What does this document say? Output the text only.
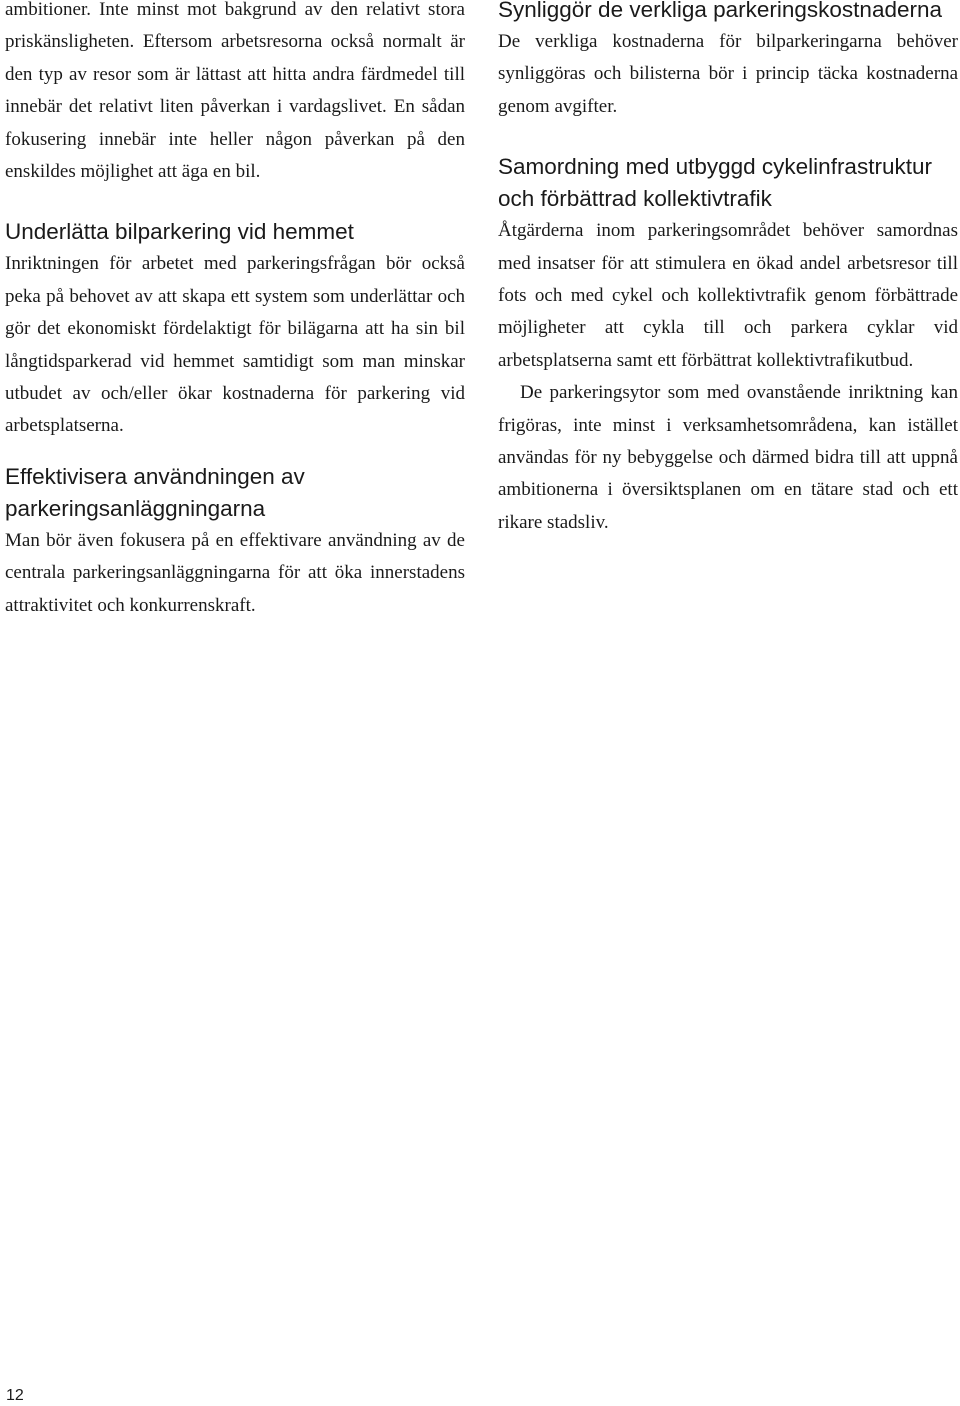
ambitioner. Inte minst mot bakgrund av den relativt stora priskänsligheten. Eftersom arbetsresorna också normalt är den typ av resor som är lättast att hitta andra färdmedel till innebär det relativt liten påverkan i vardagslivet. En sådan fokusering innebär inte heller någon påverkan på den enskildes möjlighet att äga en bil.

Underlätta bilparkering vid hemmet

Inriktningen för arbetet med parkeringsfrågan bör också peka på behovet av att skapa ett system som underlättar och gör det ekonomiskt fördelaktigt för bilägarna att ha sin bil långtidsparkerad vid hemmet samtidigt som man minskar utbudet av och/eller ökar kostnaderna för parkering vid arbetsplatserna.

Effektivisera användningen av parkeringsanläggningarna

Man bör även fokusera på en effektivare användning av de centrala parkeringsanläggningarna för att öka innerstadens attraktivitet och konkurrenskraft.

Synliggör de verkliga parkeringskostnaderna

De verkliga kostnaderna för bilparkeringarna behöver synliggöras och bilisterna bör i princip täcka kostnaderna genom avgifter.

Samordning med utbyggd cykelinfrastruktur och förbättrad kollektivtrafik

Åtgärderna inom parkeringsområdet behöver samordnas med insatser för att stimulera en ökad andel arbetsresor till fots och med cykel och kollektivtrafik genom förbättrade möjligheter att cykla till och parkera cyklar vid arbetsplatserna samt ett förbättrat kollektivtrafikutbud.

De parkeringsytor som med ovanstående inriktning kan frigöras, inte minst i verksamhetsområdena, kan istället användas för ny bebyggelse och därmed bidra till att uppnå ambitionerna i översiktsplanen om en tätare stad och ett rikare stadsliv.

12
